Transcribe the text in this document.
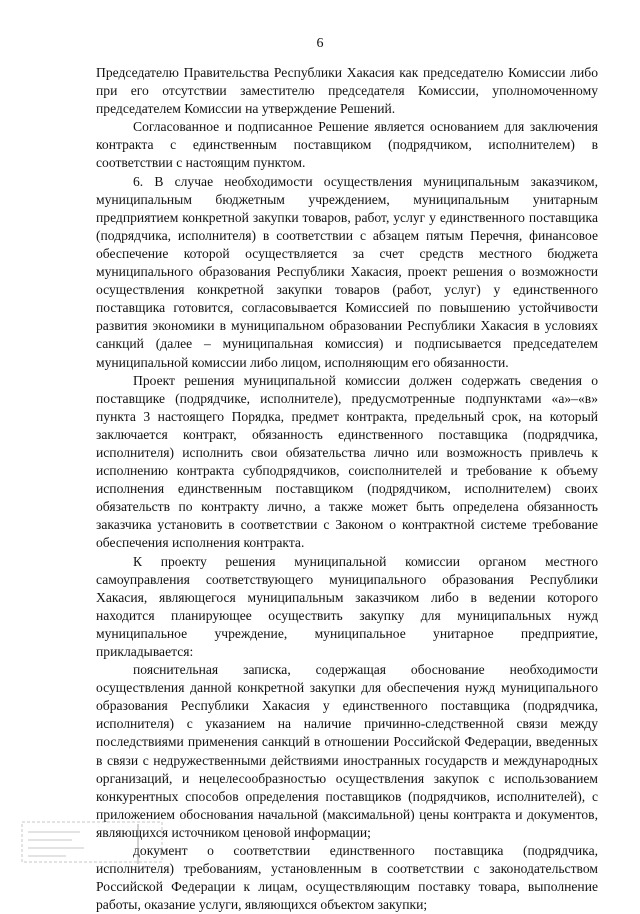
6

Председателю Правительства Республики Хакасия как председателю Комиссии либо при его отсутствии заместителю председателя Комиссии, уполномоченному председателем Комиссии на утверждение Решений.

Согласованное и подписанное Решение является основанием для заключения контракта с единственным поставщиком (подрядчиком, исполнителем) в соответствии с настоящим пунктом.

6. В случае необходимости осуществления муниципальным заказчиком, муниципальным бюджетным учреждением, муниципальным унитарным предприятием конкретной закупки товаров, работ, услуг у единственного поставщика (подрядчика, исполнителя) в соответствии с абзацем пятым Перечня, финансовое обеспечение которой осуществляется за счет средств местного бюджета муниципального образования Республики Хакасия, проект решения о возможности осуществления конкретной закупки товаров (работ, услуг) у единственного поставщика готовится, согласовывается Комиссией по повышению устойчивости развития экономики в муниципальном образовании Республики Хакасия в условиях санкций (далее – муниципальная комиссия) и подписывается председателем муниципальной комиссии либо лицом, исполняющим его обязанности.

Проект решения муниципальной комиссии должен содержать сведения о поставщике (подрядчике, исполнителе), предусмотренные подпунктами «а»–«в» пункта 3 настоящего Порядка, предмет контракта, предельный срок, на который заключается контракт, обязанность единственного поставщика (подрядчика, исполнителя) исполнить свои обязательства лично или возможность привлечь к исполнению контракта субподрядчиков, соисполнителей и требование к объему исполнения единственным поставщиком (подрядчиком, исполнителем) своих обязательств по контракту лично, а также может быть определена обязанность заказчика установить в соответствии с Законом о контрактной системе требование обеспечения исполнения контракта.

К проекту решения муниципальной комиссии органом местного самоуправления соответствующего муниципального образования Республики Хакасия, являющегося муниципальным заказчиком либо в ведении которого находится планирующее осуществить закупку для муниципальных нужд муниципальное учреждение, муниципальное унитарное предприятие, прикладывается:

пояснительная записка, содержащая обоснование необходимости осуществления данной конкретной закупки для обеспечения нужд муниципального образования Республики Хакасия у единственного поставщика (подрядчика, исполнителя) с указанием на наличие причинно-следственной связи между последствиями применения санкций в отношении Российской Федерации, введенных в связи с недружественными действиями иностранных государств и международных организаций, и нецелесообразностью осуществления закупок с использованием конкурентных способов определения поставщиков (подрядчиков, исполнителей), с приложением обоснования начальной (максимальной) цены контракта и документов, являющихся источником ценовой информации;

документ о соответствии единственного поставщика (подрядчика, исполнителя) требованиям, установленным в соответствии с законодательством Российской Федерации к лицам, осуществляющим поставку товара, выполнение работы, оказание услуги, являющихся объектом закупки;
